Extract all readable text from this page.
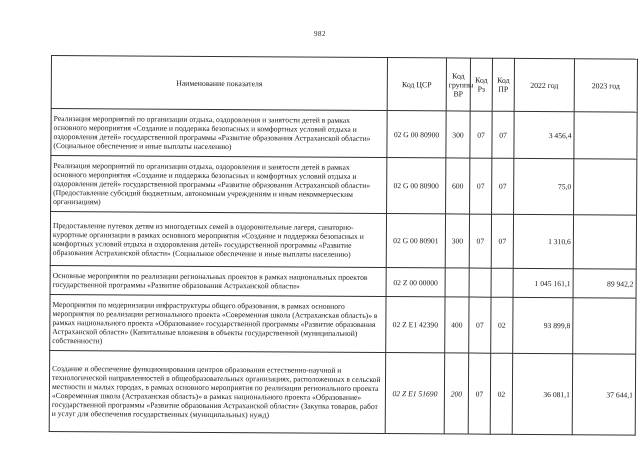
982
Наименование показателя	Код ЦСР	Код группы ВР	Код Рз	Код ПР	2022 год	2023 год
Реализация мероприятий по организации отдыха, оздоровления и занятости детей в рамках основного мероприятия «Создание и поддержка безопасных и комфортных условий отдыха и оздоровления детей» государственной программы «Развитие образования Астраханской области» (Социальное обеспечение и иные выплаты населению)	02 G 00 80900	300	07	07	3 456,4	
Реализация мероприятий по организации отдыха, оздоровления и занятости детей в рамках основного мероприятия «Создание и поддержка безопасных и комфортных условий отдыха и оздоровления детей» государственной программы «Развитие образования Астраханской области» (Предоставление субсидий бюджетным, автономным учреждениям и иным некоммерческим организациям)	02 G 00 80900	600	07	07	75,0	
Предоставление путевок детям из многодетных семей в оздоровительные лагеря, санаторно-курортные организации в рамках основного мероприятия «Создание и поддержка безопасных и комфортных условий отдыха и оздоровления детей» государственной программы «Развитие образования Астраханской области» (Социальное обеспечение и иные выплаты населению)	02 G 00 80901	300	07	07	1 310,6	
Основные мероприятия по реализации региональных проектов в рамках национальных проектов государственной программы «Развитие образования Астраханской области»	02 Z 00 00000				1 045 161,1	89 942,2
Мероприятия по модернизации инфраструктуры общего образования, в рамках основного мероприятия по реализации регионального проекта «Современная школа (Астраханская область)» в рамках национального проекта «Образование» государственной программы «Развитие образования Астраханской области» (Капитальные вложения в объекты государственной (муниципальной) собственности)	02 Z E1 42390	400	07	02	93 899,8	
Создание и обеспечение функционирования центров образования естественно-научной и технологической направленностей в общеобразовательных организациях, расположенных в сельской местности и малых городах, в рамках основного мероприятия по реализации регионального проекта «Современная школа (Астраханская область)» в рамках национального проекта «Образование» государственной программы «Развитие образования Астраханской области» (Закупка товаров, работ и услуг для обеспечения государственных (муниципальных) нужд)	02 Z E1 51690	200	07	02	36 081,1	37 644,1
